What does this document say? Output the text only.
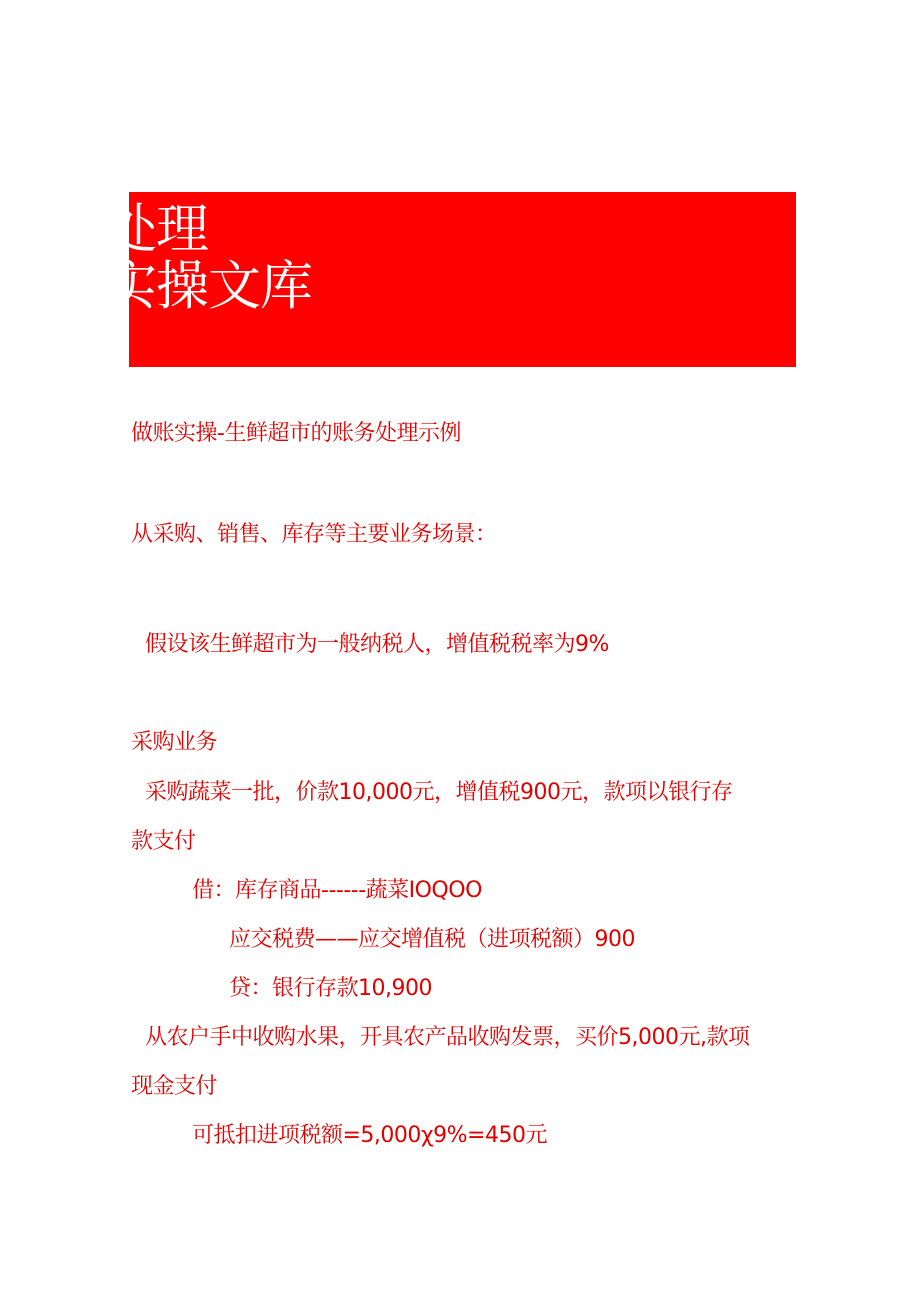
账务处理
会计实操文库
做账实操-生鲜超市的账务处理示例
从采购、销售、库存等主要业务场景：
假设该生鲜超市为一般纳税人，增值税税率为9%
采购业务
采购蔬菜一批，价款10,000元，增值税900元，款项以银行存
款支付
借：库存商品------蔬菜IOQOO
应交税费——应交增值税（进项税额）900
贷：银行存款10,900
从农户手中收购水果，开具农产品收购发票，买价5,000元,款项
现金支付
可抵扣进项税额=5,000χ9%=450元
